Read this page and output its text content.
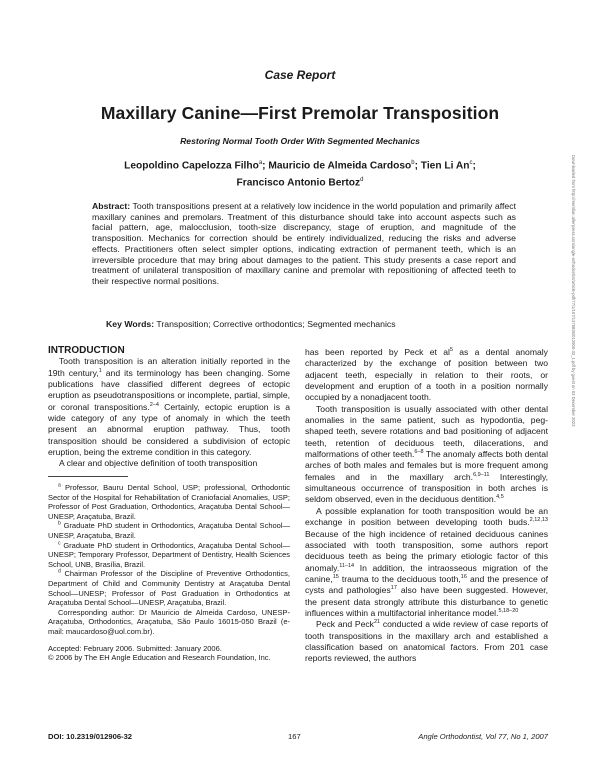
Case Report
Maxillary Canine—First Premolar Transposition
Restoring Normal Tooth Order With Segmented Mechanics
Leopoldino Capelozza Filho$^a$; Mauricio de Almeida Cardoso$^b$; Tien Li An$^c$;
Francisco Antonio Bertoz$^d$
Abstract: Tooth transpositions present at a relatively low incidence in the world population and primarily affect maxillary canines and premolars. Treatment of this disturbance should take into account aspects such as facial pattern, age, malocclusion, tooth-size discrepancy, stage of eruption, and magnitude of the transposition. Mechanics for correction should be entirely individualized, reducing the risks and adverse effects. Practitioners often select simpler options, indicating extraction of permanent teeth, which is an irreversible procedure that may bring about damages to the patient. This study presents a case report and treatment of unilateral transposition of maxillary canine and premolar with repositioning of affected teeth to their respective normal positions.
Key Words: Transposition; Corrective orthodontics; Segmented mechanics

INTRODUCTION

Tooth transposition is an alteration initially reported in the 19th century,$^1$ and its terminology has been changing. Some publications have classified different degrees of ectopic eruption as pseudotranspositions or incomplete, partial, simple, or coronal transpositions.$^{2-4}$ Certainly, ectopic eruption is a wide category of any type of anomaly in which the teeth present an abnormal eruption pathway. Thus, tooth transposition should be considered a subdivision of ectopic eruption, being the extreme condition in this category.

A clear and objective definition of tooth transposition

$^a$ Professor, Bauru Dental School, USP; professional, Orthodontic Sector of the Hospital for Rehabilitation of Craniofacial Anomalies, USP; Professor of Post Graduation, Orthodontics, Araçatuba Dental School—UNESP, Araçatuba, Brazil.

$^b$ Graduate PhD student in Orthodontics, Araçatuba Dental School—UNESP, Araçatuba, Brazil.

$^c$ Graduate PhD student in Orthodontics, Araçatuba Dental School—UNESP; Temporary Professor, Department of Dentistry, Health Sciences School, UNB, Brasília, Brazil.

$^d$ Chairman Professor of the Discipline of Preventive Orthodontics, Department of Child and Community Dentistry at Araçatuba Dental School—UNESP; Professor of Post Graduation in Orthodontics at Araçatuba Dental School—UNESP, Araçatuba, Brazil.

Corresponding author: Dr Mauricio de Almeida Cardoso, UNESP-Araçatuba, Orthodontics, Araçatuba, São Paulo 16015-050 Brazil (e-mail: maucardoso@uol.com.br).

Accepted: February 2006. Submitted: January 2006.

© 2006 by The EH Angle Education and Research Foundation, Inc.

has been reported by Peck et $al^5$ as a dental anomaly characterized by the exchange of position between two adjacent teeth, especially in relation to their roots, or development and eruption of a tooth in a position normally occupied by a nonadjacent tooth.

Tooth transposition is usually associated with other dental anomalies in the same patient, such as hypodontia, peg-shaped teeth, severe rotations and bad positioning of adjacent teeth, retention of deciduous teeth, dilacerations, and malformations of other teeth.$^{6-8}$ The anomaly affects both dental arches of both males and females but is more frequent among females and in the maxillary arch.$^{6,9-11}$ Interestingly, simultaneous occurrence of transposition in both arches is seldom observed, even in the deciduous dentition.$^{4,5}$

A possible explanation for tooth transposition would be an exchange in position between developing tooth buds.$^{2,12,13}$ Because of the high incidence of retained deciduous canines associated with tooth transposition, some authors report deciduous teeth as being the primary etiologic factor of this anomaly.$^{11-14}$ In addition, the intraosseous migration of the canine,$^{15}$ trauma to the deciduous tooth,$^{16}$ and the presence of cysts and pathologies$^{17}$ also have been suggested. However, the present data strongly attribute this disturbance to genetic influences within a multifactorial inheritance model.$^{5,18-20}$

Peck and Peck$^{21}$ conducted a wide review of case reports of tooth transpositions in the maxillary arch and established a classification based on anatomical factors. From 201 case reports reviewed, the authors

DOI: 10.2319/012906-32	167	Angle Orthodontist, Vol 77, No 1, 2007
Downloaded from http://meridian.allenpress.com/angle-orthodontist/article-pdf/77/1/167/1375835/012906-32_1.pdf by guest on 03 December 2023
